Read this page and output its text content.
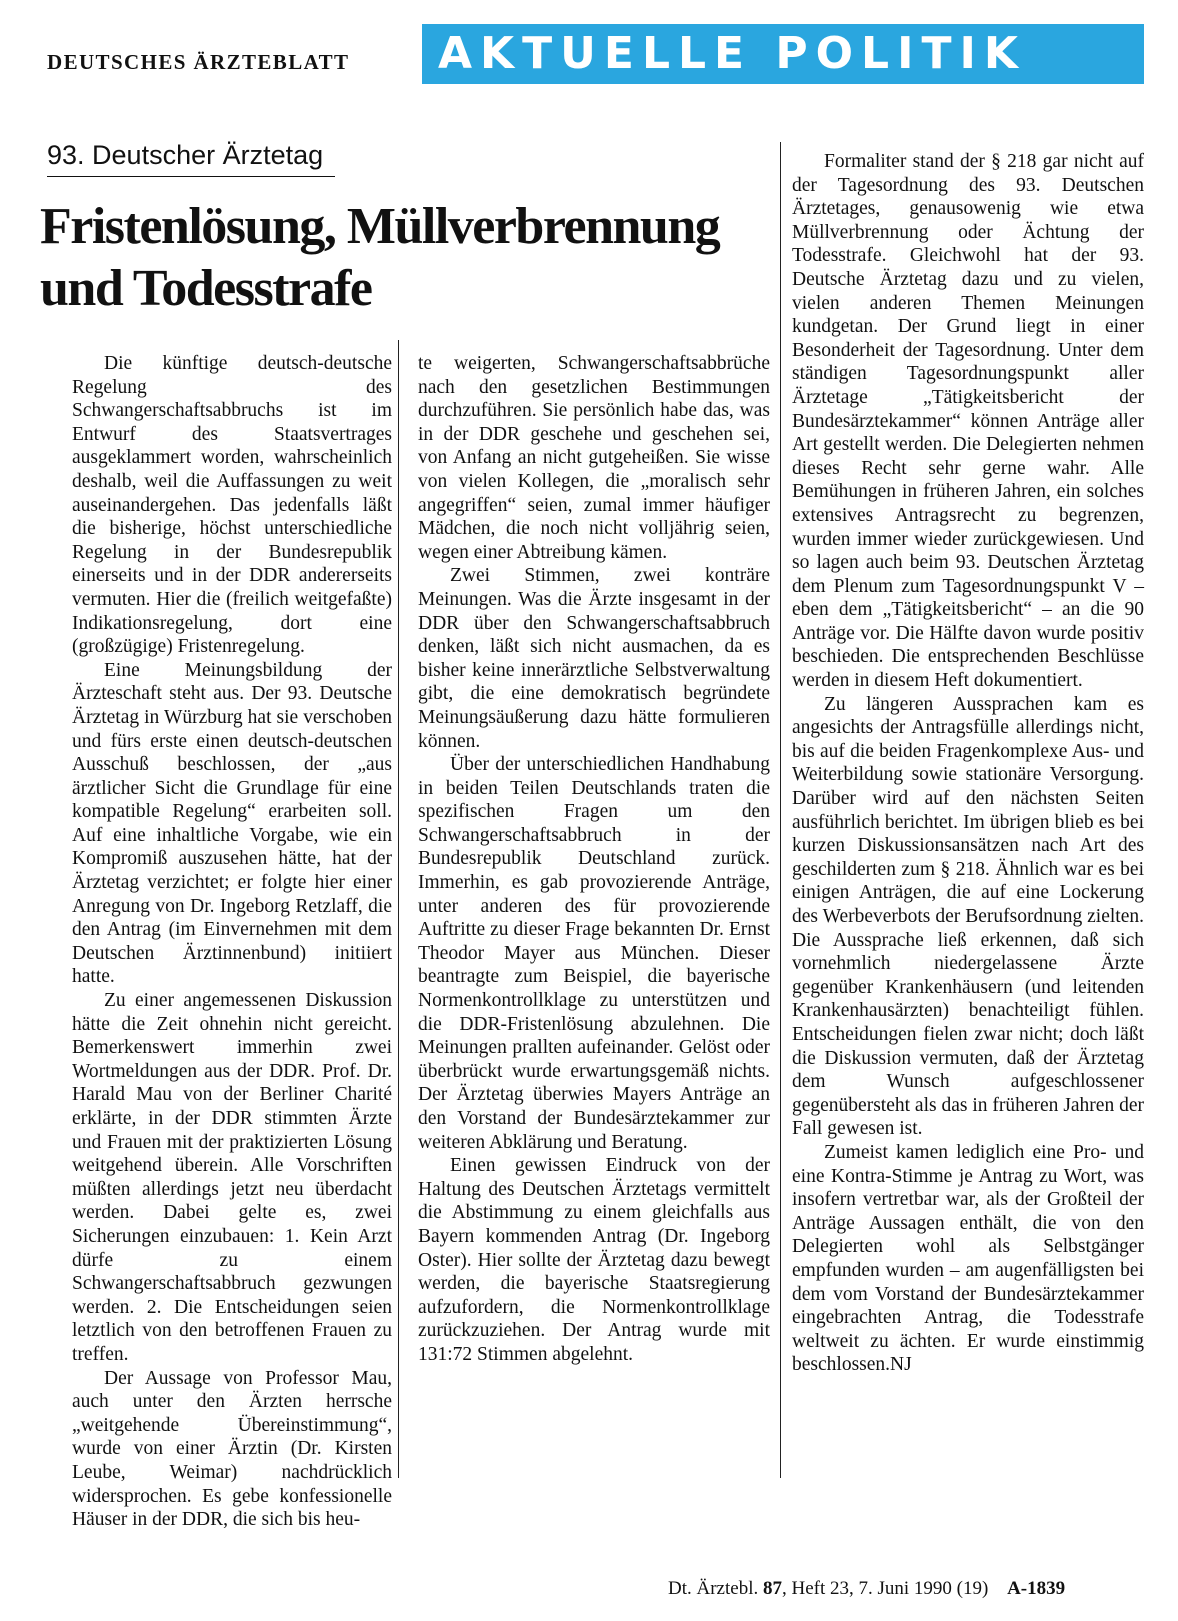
DEUTSCHES ÄRZTEBLATT	AKTUELLE POLITIK
93. Deutscher Ärztetag
Fristenlösung, Müllverbrennung und Todesstrafe

Die künftige deutsch-deutsche Regelung des Schwangerschaftsabbruchs ist im Entwurf des Staatsvertrages ausgeklammert worden, wahrscheinlich deshalb, weil die Auffassungen zu weit auseinandergehen. Das jedenfalls läßt die bisherige, höchst unterschiedliche Regelung in der Bundesrepublik einerseits und in der DDR andererseits vermuten. Hier die (freilich weitgefaßte) Indikationsregelung, dort eine (großzügige) Fristenregelung.

Eine Meinungsbildung der Ärzteschaft steht aus. Der 93. Deutsche Ärztetag in Würzburg hat sie verschoben und fürs erste einen deutsch-deutschen Ausschuß beschlossen, der „aus ärztlicher Sicht die Grundlage für eine kompatible Regelung“ erarbeiten soll. Auf eine inhaltliche Vorgabe, wie ein Kompromiß auszusehen hätte, hat der Ärztetag verzichtet; er folgte hier einer Anregung von Dr. Ingeborg Retzlaff, die den Antrag (im Einvernehmen mit dem Deutschen Ärztinnenbund) initiiert hatte.

Zu einer angemessenen Diskussion hätte die Zeit ohnehin nicht gereicht. Bemerkenswert immerhin zwei Wortmeldungen aus der DDR. Prof. Dr. Harald Mau von der Berliner Charité erklärte, in der DDR stimmten Ärzte und Frauen mit der praktizierten Lösung weitgehend überein. Alle Vorschriften müßten allerdings jetzt neu überdacht werden. Dabei gelte es, zwei Sicherungen einzubauen: 1. Kein Arzt dürfe zu einem Schwangerschaftsabbruch gezwungen werden. 2. Die Entscheidungen seien letztlich von den betroffenen Frauen zu treffen.

Der Aussage von Professor Mau, auch unter den Ärzten herrsche „weitgehende Übereinstimmung“, wurde von einer Ärztin (Dr. Kirsten Leube, Weimar) nachdrücklich widersprochen. Es gebe konfessionelle Häuser in der DDR, die sich bis heu-

te weigerten, Schwangerschaftsabbrüche nach den gesetzlichen Bestimmungen durchzuführen. Sie persönlich habe das, was in der DDR geschehe und geschehen sei, von Anfang an nicht gutgeheißen. Sie wisse von vielen Kollegen, die „moralisch sehr angegriffen“ seien, zumal immer häufiger Mädchen, die noch nicht volljährig seien, wegen einer Abtreibung kämen.

Zwei Stimmen, zwei konträre Meinungen. Was die Ärzte insgesamt in der DDR über den Schwangerschaftsabbruch denken, läßt sich nicht ausmachen, da es bisher keine innerärztliche Selbstverwaltung gibt, die eine demokratisch begründete Meinungsäußerung dazu hätte formulieren können.

Über der unterschiedlichen Handhabung in beiden Teilen Deutschlands traten die spezifischen Fragen um den Schwangerschaftsabbruch in der Bundesrepublik Deutschland zurück. Immerhin, es gab provozierende Anträge, unter anderen des für provozierende Auftritte zu dieser Frage bekannten Dr. Ernst Theodor Mayer aus München. Dieser beantragte zum Beispiel, die bayerische Normenkontrollklage zu unterstützen und die DDR-Fristenlösung abzulehnen. Die Meinungen prallten aufeinander. Gelöst oder überbrückt wurde erwartungsgemäß nichts. Der Ärztetag überwies Mayers Anträge an den Vorstand der Bundesärztekammer zur weiteren Abklärung und Beratung.

Einen gewissen Eindruck von der Haltung des Deutschen Ärztetags vermittelt die Abstimmung zu einem gleichfalls aus Bayern kommenden Antrag (Dr. Ingeborg Oster). Hier sollte der Ärztetag dazu bewegt werden, die bayerische Staatsregierung aufzufordern, die Normenkontrollklage zurückzuziehen. Der Antrag wurde mit 131:72 Stimmen abgelehnt.

Formaliter stand der § 218 gar nicht auf der Tagesordnung des 93. Deutschen Ärztetages, genausowenig wie etwa Müllverbrennung oder Ächtung der Todesstrafe. Gleichwohl hat der 93. Deutsche Ärztetag dazu und zu vielen, vielen anderen Themen Meinungen kundgetan. Der Grund liegt in einer Besonderheit der Tagesordnung. Unter dem ständigen Tagesordnungspunkt aller Ärztetage „Tätigkeitsbericht der Bundesärztekammer“ können Anträge aller Art gestellt werden. Die Delegierten nehmen dieses Recht sehr gerne wahr. Alle Bemühungen in früheren Jahren, ein solches extensives Antragsrecht zu begrenzen, wurden immer wieder zurückgewiesen. Und so lagen auch beim 93. Deutschen Ärztetag dem Plenum zum Tagesordnungspunkt V – eben dem „Tätigkeitsbericht“ – an die 90 Anträge vor. Die Hälfte davon wurde positiv beschieden. Die entsprechenden Beschlüsse werden in diesem Heft dokumentiert.

Zu längeren Aussprachen kam es angesichts der Antragsfülle allerdings nicht, bis auf die beiden Fragenkomplexe Aus- und Weiterbildung sowie stationäre Versorgung. Darüber wird auf den nächsten Seiten ausführlich berichtet. Im übrigen blieb es bei kurzen Diskussionsansätzen nach Art des geschilderten zum § 218. Ähnlich war es bei einigen Anträgen, die auf eine Lockerung des Werbeverbots der Berufsordnung zielten. Die Aussprache ließ erkennen, daß sich vornehmlich niedergelassene Ärzte gegenüber Krankenhäusern (und leitenden Krankenhausärzten) benachteiligt fühlen. Entscheidungen fielen zwar nicht; doch läßt die Diskussion vermuten, daß der Ärztetag dem Wunsch aufgeschlossener gegenübersteht als das in früheren Jahren der Fall gewesen ist.

Zumeist kamen lediglich eine Pro- und eine Kontra-Stimme je Antrag zu Wort, was insofern vertretbar war, als der Großteil der Anträge Aussagen enthält, die von den Delegierten wohl als Selbstgänger empfunden wurden – am augenfälligsten bei dem vom Vorstand der Bundesärztekammer eingebrachten Antrag, die Todesstrafe weltweit zu ächten. Er wurde einstimmig beschlossen.NJ

Dt. Ärztebl. 87, Heft 23, 7. Juni 1990 (19) A-1839
